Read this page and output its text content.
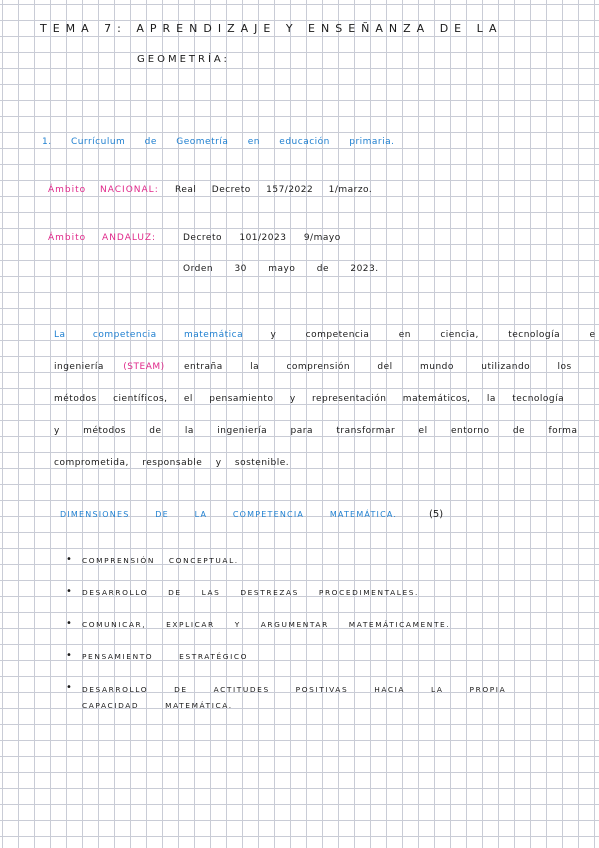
TEMA 7: APRENDIZAJE Y ENSEÑANZA DE LA
GEOMETRÍA:
1. Currículum de Geometría en educación primaria.
Ámbito NACIONAL: Real Decreto 157/2022 1/marzo.
Ámbito ANDALUZ:	Decreto 101/2023 9/mayo
Orden 30 mayo de 2023.
La competencia matemática	y competencia en ciencia, tecnología e
ingeniería (STEAM) entraña la comprensión del mundo utilizando los
métodos científicos, el pensamiento y representación matemáticos, la tecnología
y métodos de la ingeniería para transformar el entorno de forma
comprometida, responsable y sostenible.
DIMENSIONES DE LA COMPETENCIA MATEMÁTICA.	(5)
• COMPRENSIÓN CONCEPTUAL.
• DESARROLLO DE LAS DESTREZAS PROCEDIMENTALES.
• COMUNICAR, EXPLICAR Y ARGUMENTAR MATEMÁTICAMENTE.
• PENSAMIENTO ESTRATÉGICO
• DESARROLLO DE ACTITUDES POSITIVAS HACIA LA PROPIA CAPACIDAD MATEMÁTICA.
